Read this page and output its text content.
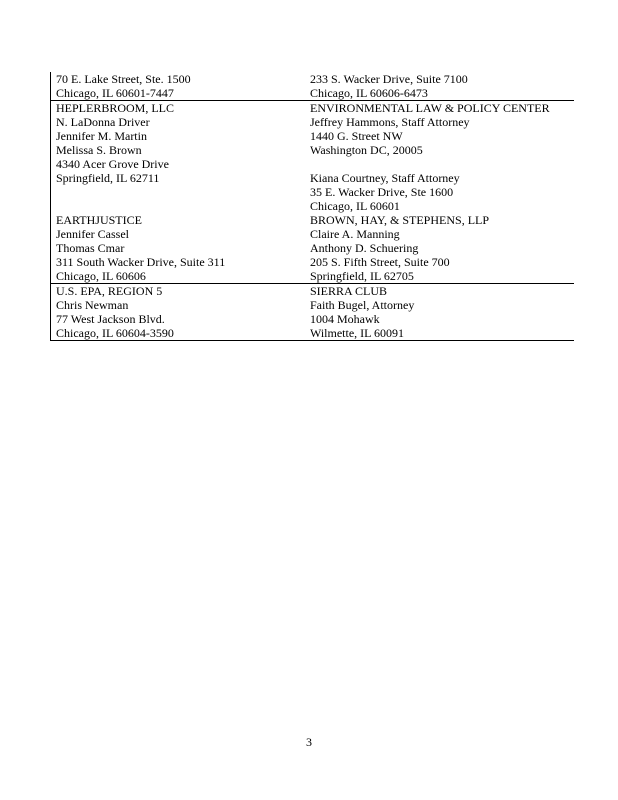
70 E. Lake Street, Ste. 1500
Chicago, IL 60601-7447
233 S. Wacker Drive, Suite 7100
Chicago, IL 60606-6473
HEPLERBROOM, LLC
N. LaDonna Driver
Jennifer M. Martin
Melissa S. Brown
4340 Acer Grove Drive
Springfield, IL 62711
EARTHJUSTICE
Jennifer Cassel
Thomas Cmar
311 South Wacker Drive, Suite 311
Chicago, IL 60606
ENVIRONMENTAL LAW & POLICY CENTER
Jeffrey Hammons, Staff Attorney
1440 G. Street NW
Washington DC, 20005
Kiana Courtney, Staff Attorney
35 E. Wacker Drive, Ste 1600
Chicago, IL 60601
BROWN, HAY, & STEPHENS, LLP
Claire A. Manning
Anthony D. Schuering
205 S. Fifth Street, Suite 700
Springfield, IL 62705
U.S. EPA, REGION 5
Chris Newman
77 West Jackson Blvd.
Chicago, IL 60604-3590
SIERRA CLUB
Faith Bugel, Attorney
1004 Mohawk
Wilmette, IL 60091
3
